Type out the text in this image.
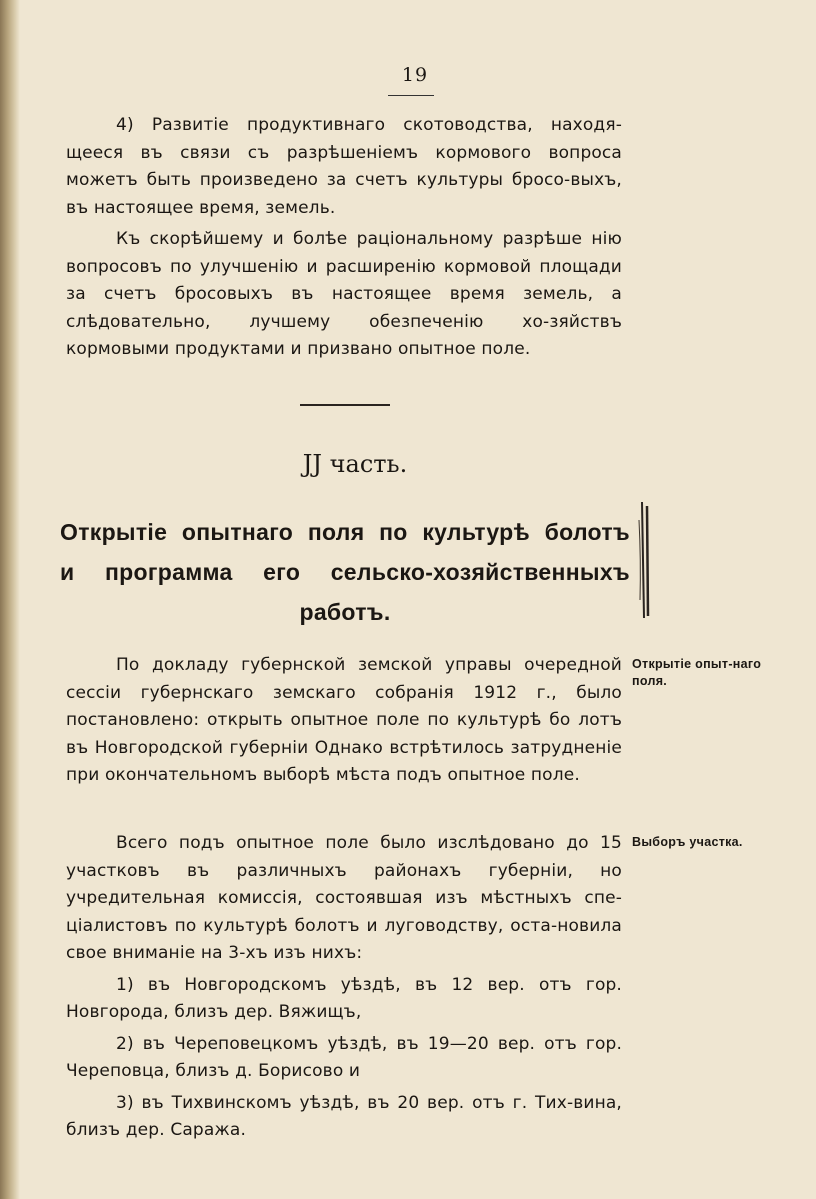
19

4) Развитіе продуктивнаго скотоводства, находя-щееся въ связи съ разрѣшеніемъ кормового вопроса можетъ быть произведено за счетъ культуры бросо-выхъ, въ настоящее время, земель.

Къ скорѣйшему и болѣе раціональному разрѣше нію вопросовъ по улучшенію и расширенію кормовой площади за счетъ бросовыхъ въ настоящее время земель, а слѣдовательно, лучшему обезпеченію хо-зяйствъ кормовыми продуктами и призвано опытное поле.

JJ часть.
Открытіе опытнаго поля по культурѣ болотъ
и программа его сельско-хозяйственныхъ
работъ.

По докладу губернской земской управы очередной сессіи губернскаго земскаго собранія 1912 г., было постановлено: открыть опытное поле по культурѣ бо лотъ въ Новгородской губерніи Однако встрѣтилось затрудненіе при окончательномъ выборѣ мѣста подъ опытное поле.

Открытіе опыт-наго поля.

Всего подъ опытное поле было изслѣдовано до 15 участковъ въ различныхъ районахъ губерніи, но учредительная комиссія, состоявшая изъ мѣстныхъ спе-ціалистовъ по культурѣ болотъ и луговодству, оста-новила свое вниманіе на 3-хъ изъ нихъ:

1) въ Новгородскомъ уѣздѣ, въ 12 вер. отъ гор. Новгорода, близъ дер. Вяжищъ,

2) въ Череповецкомъ уѣздѣ, въ 19—20 вер. отъ гор. Череповца, близъ д. Борисово и

3) въ Тихвинскомъ уѣздѣ, въ 20 вер. отъ г. Тих-вина, близъ дер. Саража.

Выборъ участка.
